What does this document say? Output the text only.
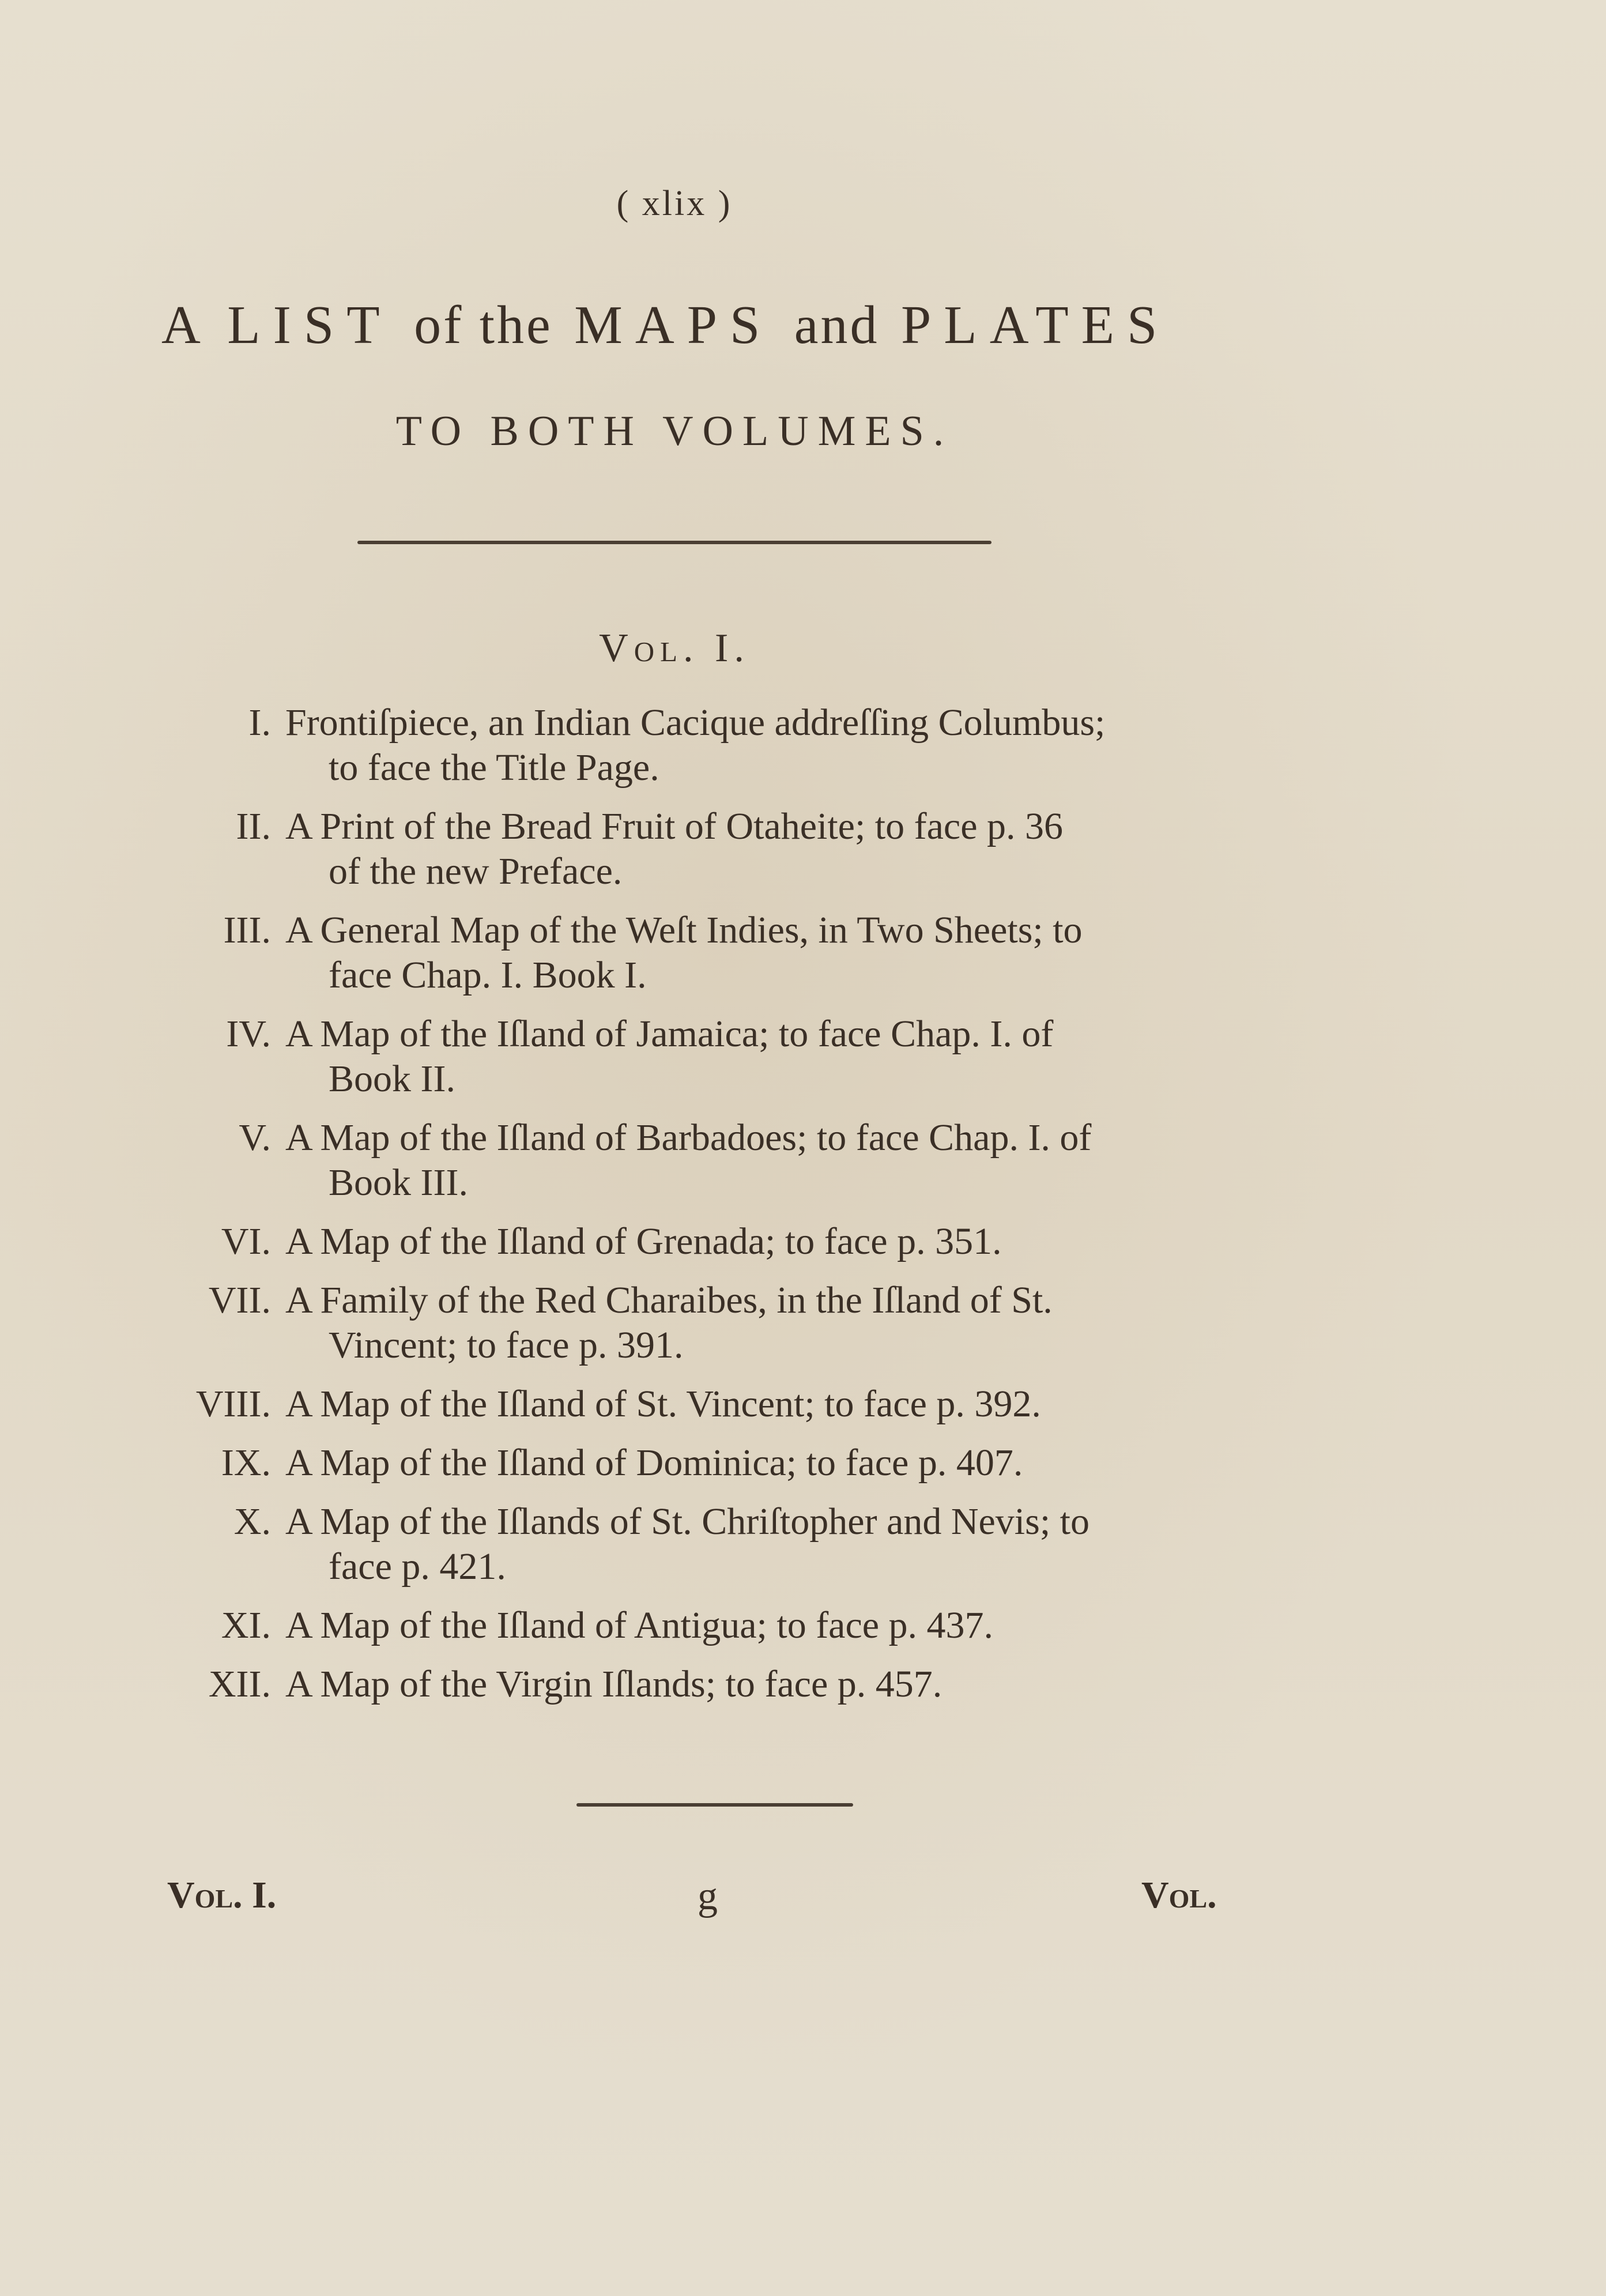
( xlix )
A LIST of the MAPS and PLATES
TO BOTH VOLUMES.
Vol. I.
I. Frontiſpiece, an Indian Cacique addreſſing Columbus;
to face the Title Page.
II. A Print of the Bread Fruit of Otaheite; to face p. 36
of the new Preface.
III. A General Map of the Weſt Indies, in Two Sheets; to
face Chap. I. Book I.
IV. A Map of the Iſland of Jamaica; to face Chap. I. of
Book II.
V. A Map of the Iſland of Barbadoes; to face Chap. I. of
Book III.
VI. A Map of the Iſland of Grenada; to face p. 351.
VII. A Family of the Red Charaibes, in the Iſland of St.
Vincent; to face p. 391.
VIII. A Map of the Iſland of St. Vincent; to face p. 392.
IX. A Map of the Iſland of Dominica; to face p. 407.
X. A Map of the Iſlands of St. Chriſtopher and Nevis; to
face p. 421.
XI. A Map of the Iſland of Antigua; to face p. 437.
XII. A Map of the Virgin Iſlands; to face p. 457.
Vol. I.	g	Vol.
